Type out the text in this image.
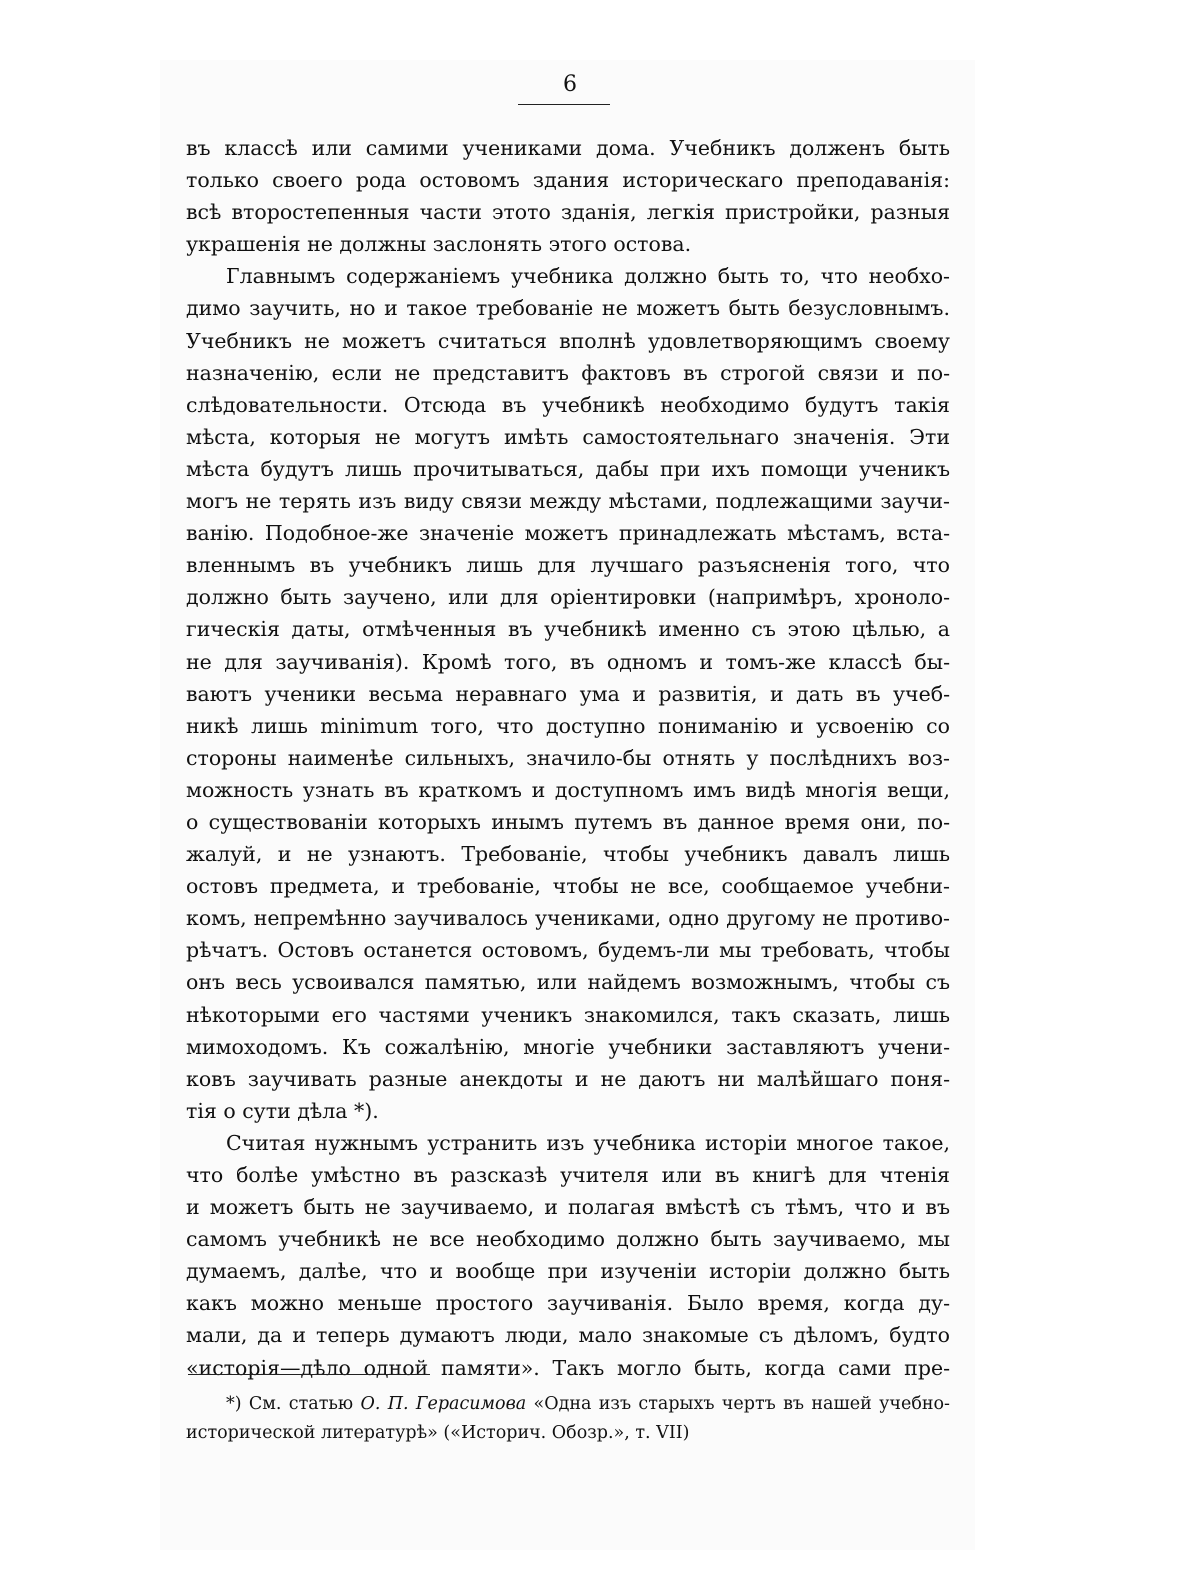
6
въ классѣ или самими учениками дома. Учебникъ долженъ быть
только своего рода остовомъ здания историческаго преподаванія:
всѣ второстепенныя части этото зданія, легкія пристройки, разныя
украшенія не должны заслонять этого остова.
Главнымъ содержаніемъ учебника должно быть то, что необхо-
димо заучить, но и такое требованіе не можетъ быть безусловнымъ.
Учебникъ не можетъ считаться вполнѣ удовлетворяющимъ своему
назначенію, если не представитъ фактовъ въ строгой связи и по-
слѣдовательности. Отсюда въ учебникѣ необходимо будутъ такія
мѣста, которыя не могутъ имѣть самостоятельнаго значенія. Эти
мѣста будутъ лишь прочитываться, дабы при ихъ помощи ученикъ
могъ не терять изъ виду связи между мѣстами, подлежащими заучи-
ванію. Подобное-же значеніе можетъ принадлежать мѣстамъ, вста-
вленнымъ въ учебникъ лишь для лучшаго разъясненія того, что
должно быть заучено, или для оріентировки (напримѣръ, хроноло-
гическія даты, отмѣченныя въ учебникѣ именно съ этою цѣлью, а
не для заучиванія). Кромѣ того, въ одномъ и томъ-же классѣ бы-
ваютъ ученики весьма неравнаго ума и развитія, и дать въ учеб-
никѣ лишь minimum того, что доступно пониманію и усвоенію со
стороны наименѣе сильныхъ, значило-бы отнять у послѣднихъ воз-
можность узнать въ краткомъ и доступномъ имъ видѣ многія вещи,
о существованіи которыхъ инымъ путемъ въ данное время они, по-
жалуй, и не узнаютъ. Требованіе, чтобы учебникъ давалъ лишь
остовъ предмета, и требованіе, чтобы не все, сообщаемое учебни-
комъ, непремѣнно заучивалось учениками, одно другому не противо-
рѣчатъ. Остовъ останется остовомъ, будемъ-ли мы требовать, чтобы
онъ весь усвоивался памятью, или найдемъ возможнымъ, чтобы съ
нѣкоторыми его частями ученикъ знакомился, такъ сказать, лишь
мимоходомъ. Къ сожалѣнію, многіе учебники заставляютъ учени-
ковъ заучивать разные анекдоты и не даютъ ни малѣйшаго поня-
тія о сути дѣла *).
Считая нужнымъ устранить изъ учебника исторіи многое такое,
что болѣе умѣстно въ разсказѣ учителя или въ книгѣ для чтенія
и можетъ быть не заучиваемо, и полагая вмѣстѣ съ тѣмъ, что и въ
самомъ учебникѣ не все необходимо должно быть заучиваемо, мы
думаемъ, далѣе, что и вообще при изученіи исторіи должно быть
какъ можно меньше простого заучиванія. Было время, когда ду-
мали, да и теперь думаютъ люди, мало знакомые съ дѣломъ, будто
«исторія—дѣло одной памяти». Такъ могло быть, когда сами пре-
*) См. статью О. П. Герасимова «Одна изъ старыхъ чертъ въ нашей учебно-
исторической литературѣ» («Историч. Обозр.», т. VII)
